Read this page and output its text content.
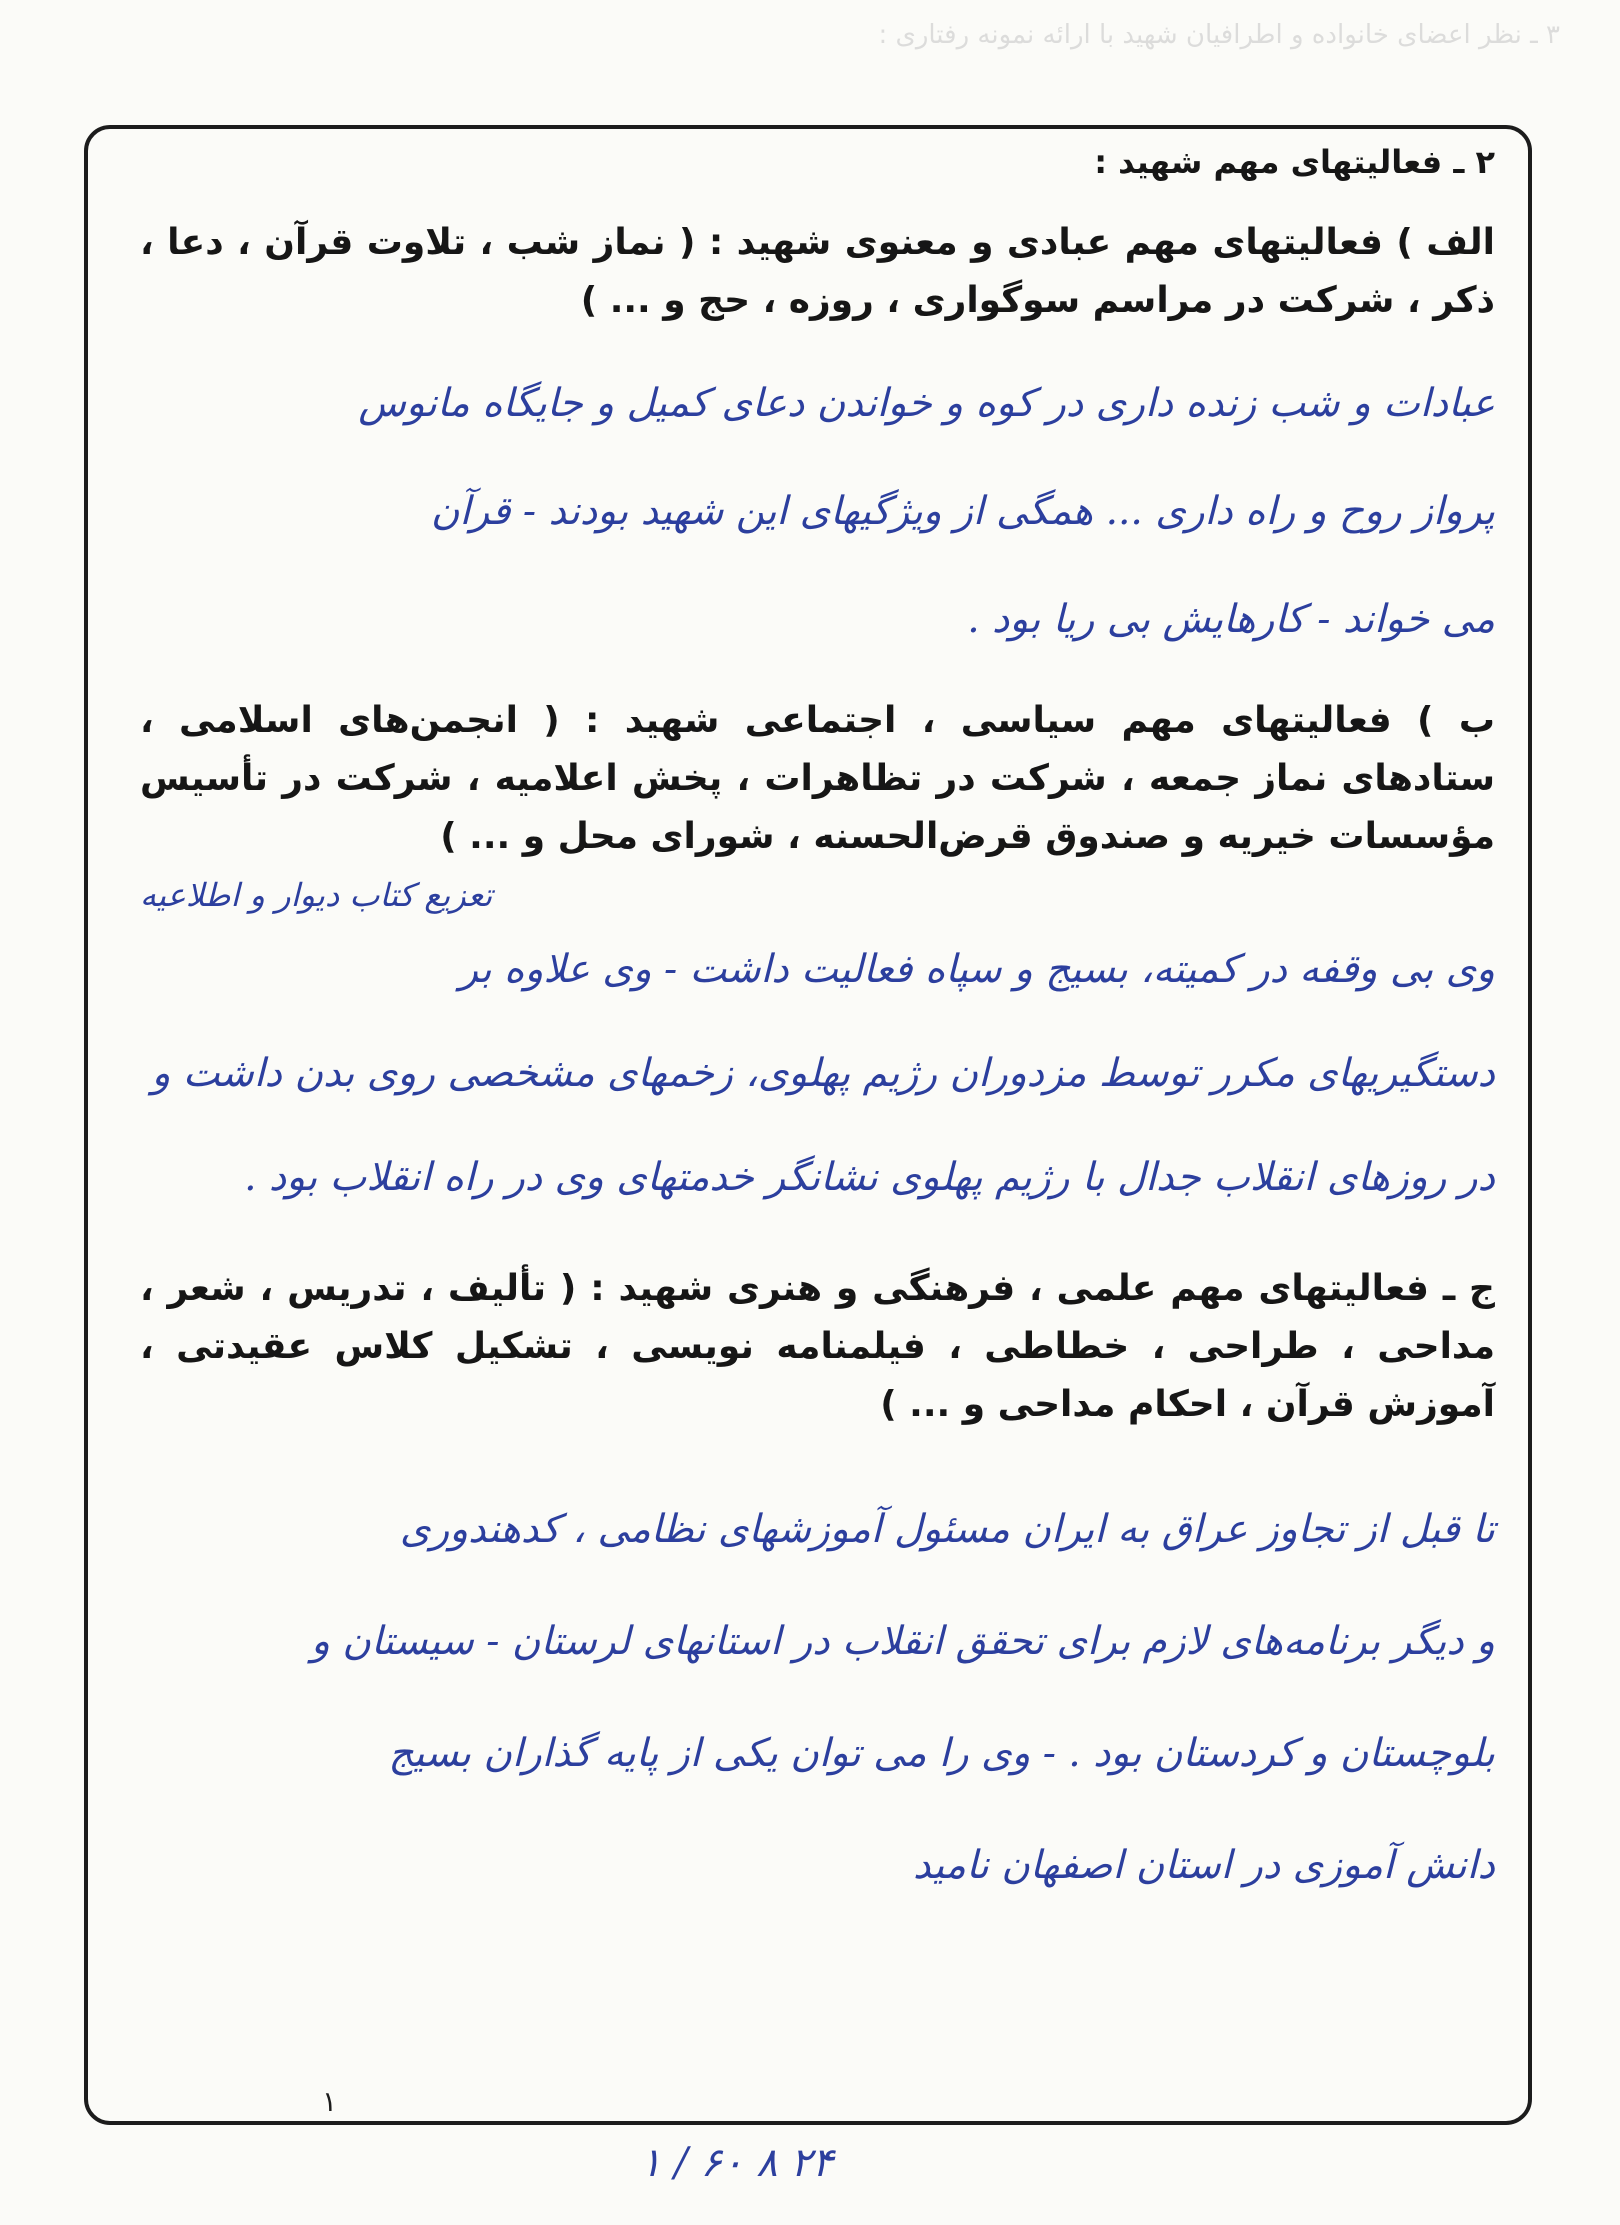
۳ ـ نظر اعضای خانواده و اطرافیان شهید با ارائه نمونه رفتاری :
۲ ـ فعالیتهای مهم شهید :
الف ) فعالیتهای مهم عبادی و معنوی شهید : ( نماز شب ، تلاوت قرآن ، دعا ، ذکر ، شرکت در مراسم سوگواری ، روزه ، حج و ... )
عبادات و شب زنده داری در کوه و خواندن دعای کمیل و جایگاه مانوس
پرواز روح و راه داری ... همگی از ویژگیهای این شهید بودند - قرآن
می خواند - کارهایش بی ریا بود .
ب ) فعالیتهای مهم سیاسی ، اجتماعی شهید : ( انجمن‌های اسلامی ، ستادهای نماز جمعه ، شرکت در تظاهرات ، پخش اعلامیه ، شرکت در تأسیس مؤسسات خیریه و صندوق قرض‌الحسنه ، شورای محل و ... )
تعزیع کتاب دیوار و اطلاعیه
وی بی وقفه در کمیته، بسیج و سپاه فعالیت داشت - وی علاوه بر
دستگیریهای مکرر توسط مزدوران رژیم پهلوی، زخمهای مشخصی روی بدن داشت و
در روزهای انقلاب جدال با رژیم پهلوی نشانگر خدمتهای وی در راه انقلاب بود .
ج ـ فعالیتهای مهم علمی ، فرهنگی و هنری شهید : ( تألیف ، تدریس ، شعر ، مداحی ، طراحی ، خطاطی ، فیلمنامه نویسی ، تشکیل کلاس عقیدتی ، آموزش قرآن ، احکام مداحی و ... )
تا قبل از تجاوز عراق به ایران مسئول آموزشهای نظامی ، کدهندوری
و دیگر برنامه‌های لازم برای تحقق انقلاب در استانهای لرستان - سیستان و
بلوچستان و کردستان بود . - وی را می توان یکی از پایه گذاران بسیج
دانش آموزی در استان اصفهان نامید
۱
۲۴ ۸ ۶۰ / ۱
